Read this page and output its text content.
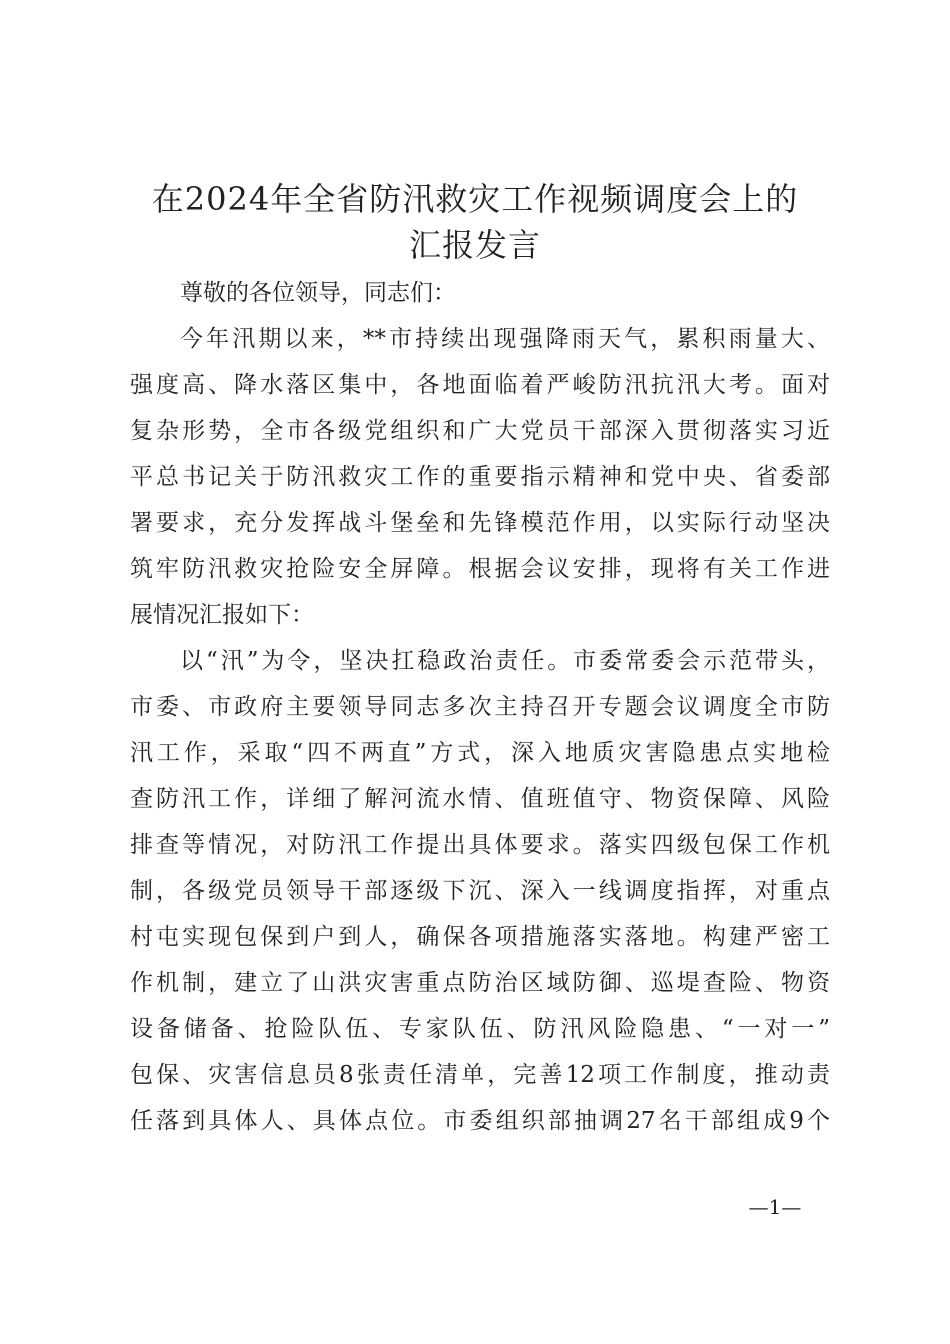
在2024年全省防汛救灾工作视频调度会上的
汇报发言

尊敬的各位领导，同志们：

今年汛期以来，**市持续出现强降雨天气，累积雨量大、

强度高、降水落区集中，各地面临着严峻防汛抗汛大考。面对

复杂形势，全市各级党组织和广大党员干部深入贯彻落实习近

平总书记关于防汛救灾工作的重要指示精神和党中央、省委部

署要求，充分发挥战斗堡垒和先锋模范作用，以实际行动坚决

筑牢防汛救灾抢险安全屏障。根据会议安排，现将有关工作进

展情况汇报如下：

以“汛”为令，坚决扛稳政治责任。市委常委会示范带头，

市委、市政府主要领导同志多次主持召开专题会议调度全市防

汛工作，采取“四不两直”方式，深入地质灾害隐患点实地检

查防汛工作，详细了解河流水情、值班值守、物资保障、风险

排查等情况，对防汛工作提出具体要求。落实四级包保工作机

制，各级党员领导干部逐级下沉、深入一线调度指挥，对重点

村屯实现包保到户到人，确保各项措施落实落地。构建严密工

作机制，建立了山洪灾害重点防治区域防御、巡堤查险、物资

设备储备、抢险队伍、专家队伍、防汛风险隐患、“一对一”

包保、灾害信息员8张责任清单，完善12项工作制度，推动责

任落到具体人、具体点位。市委组织部抽调27名干部组成9个

—1—
